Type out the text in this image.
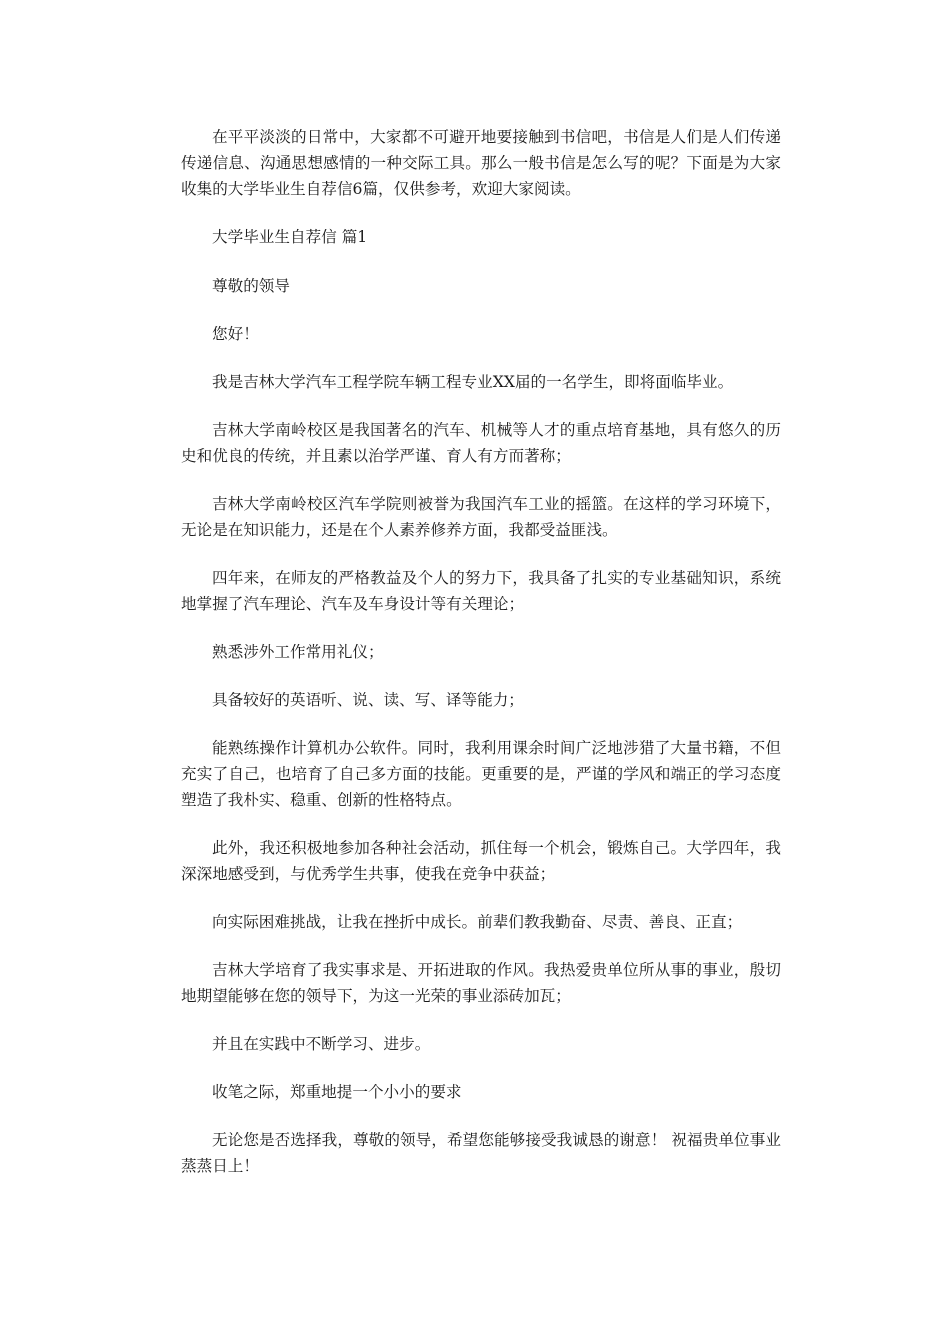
在平平淡淡的日常中，大家都不可避开地要接触到书信吧，书信是人们是人们传递传递信息、沟通思想感情的一种交际工具。那么一般书信是怎么写的呢？下面是为大家收集的大学毕业生自荐信6篇，仅供参考，欢迎大家阅读。

大学毕业生自荐信 篇1

尊敬的领导

您好！

我是吉林大学汽车工程学院车辆工程专业XX届的一名学生，即将面临毕业。

吉林大学南岭校区是我国著名的汽车、机械等人才的重点培育基地，具有悠久的历史和优良的传统，并且素以治学严谨、育人有方而著称；

吉林大学南岭校区汽车学院则被誉为我国汽车工业的摇篮。在这样的学习环境下，无论是在知识能力，还是在个人素养修养方面，我都受益匪浅。

四年来，在师友的严格教益及个人的努力下，我具备了扎实的专业基础知识，系统地掌握了汽车理论、汽车及车身设计等有关理论；

熟悉涉外工作常用礼仪；

具备较好的英语听、说、读、写、译等能力；

能熟练操作计算机办公软件。同时，我利用课余时间广泛地涉猎了大量书籍，不但充实了自己，也培育了自己多方面的技能。更重要的是，严谨的学风和端正的学习态度塑造了我朴实、稳重、创新的性格特点。

此外，我还积极地参加各种社会活动，抓住每一个机会，锻炼自己。大学四年，我深深地感受到，与优秀学生共事，使我在竞争中获益；

向实际困难挑战，让我在挫折中成长。前辈们教我勤奋、尽责、善良、正直；

吉林大学培育了我实事求是、开拓进取的作风。我热爱贵单位所从事的事业，殷切地期望能够在您的领导下，为这一光荣的事业添砖加瓦；

并且在实践中不断学习、进步。

收笔之际，郑重地提一个小小的要求

无论您是否选择我，尊敬的领导，希望您能够接受我诚恳的谢意！ 祝福贵单位事业蒸蒸日上！
